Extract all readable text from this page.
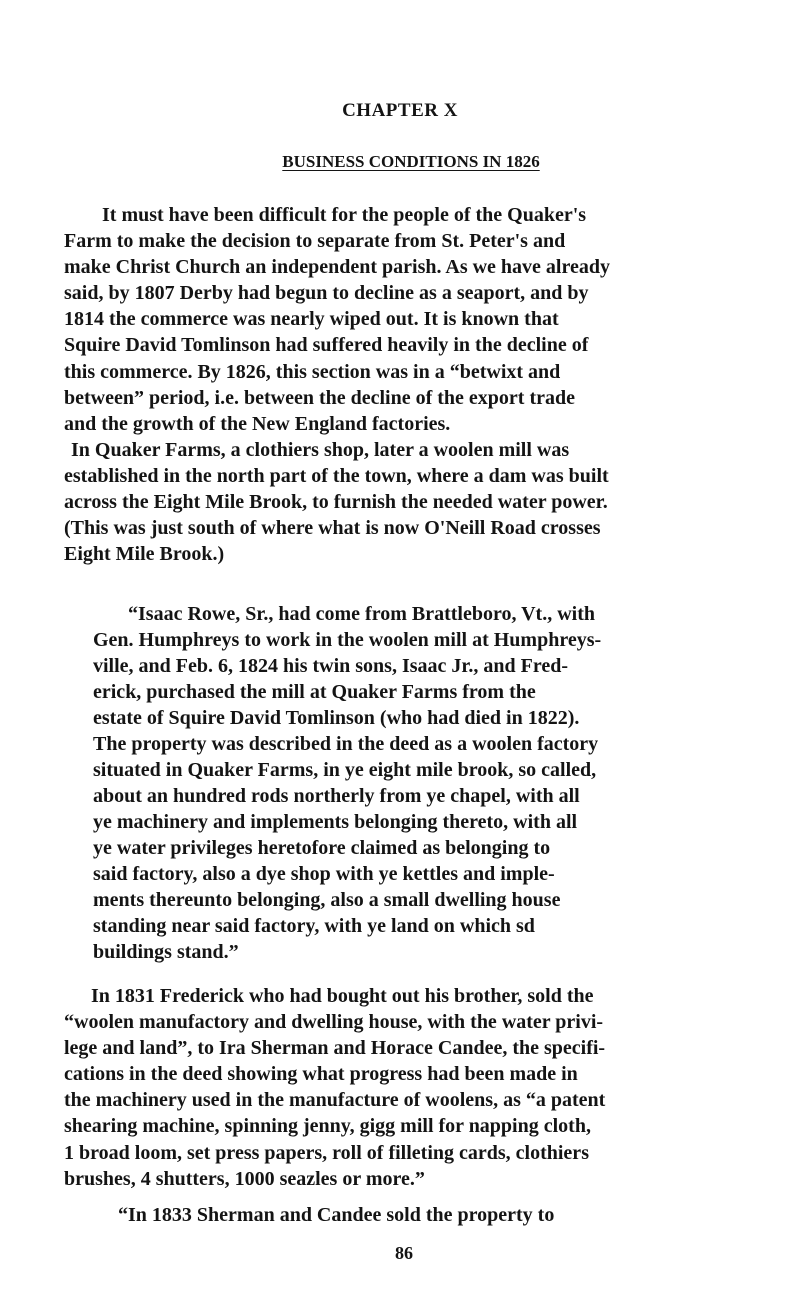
CHAPTER X
BUSINESS CONDITIONS IN 1826
It must have been difficult for the people of the Quaker's
Farm to make the decision to separate from St. Peter's and
make Christ Church an independent parish. As we have already
said, by 1807 Derby had begun to decline as a seaport, and by
1814 the commerce was nearly wiped out. It is known that
Squire David Tomlinson had suffered heavily in the decline of
this commerce. By 1826, this section was in a “betwixt and
between” period, i.e. between the decline of the export trade
and the growth of the New England factories.
In Quaker Farms, a clothiers shop, later a woolen mill was
established in the north part of the town, where a dam was built
across the Eight Mile Brook, to furnish the needed water power.
(This was just south of where what is now O'Neill Road crosses
Eight Mile Brook.)
“Isaac Rowe, Sr., had come from Brattleboro, Vt., with
Gen. Humphreys to work in the woolen mill at Humphreys-
ville, and Feb. 6, 1824 his twin sons, Isaac Jr., and Fred-
erick, purchased the mill at Quaker Farms from the
estate of Squire David Tomlinson (who had died in 1822).
The property was described in the deed as a woolen factory
situated in Quaker Farms, in ye eight mile brook, so called,
about an hundred rods northerly from ye chapel, with all
ye machinery and implements belonging thereto, with all
ye water privileges heretofore claimed as belonging to
said factory, also a dye shop with ye kettles and imple-
ments thereunto belonging, also a small dwelling house
standing near said factory, with ye land on which sd
buildings stand.”
In 1831 Frederick who had bought out his brother, sold the
“woolen manufactory and dwelling house, with the water privi-
lege and land”, to Ira Sherman and Horace Candee, the specifi-
cations in the deed showing what progress had been made in
the machinery used in the manufacture of woolens, as “a patent
shearing machine, spinning jenny, gigg mill for napping cloth,
1 broad loom, set press papers, roll of filleting cards, clothiers
brushes, 4 shutters, 1000 seazles or more.”
“In 1833 Sherman and Candee sold the property to
86
